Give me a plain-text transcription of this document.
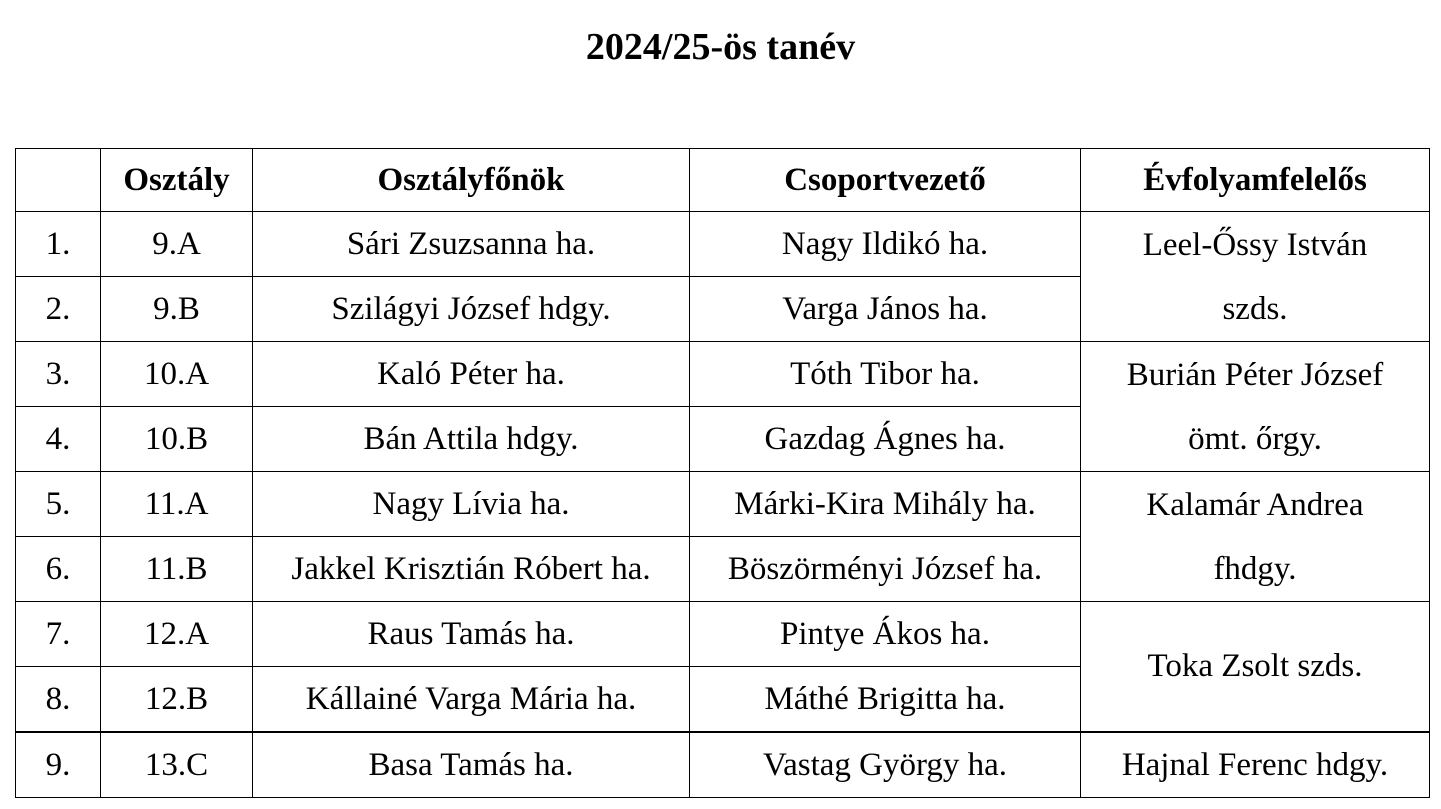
2024/25-ös tanév
	Osztály	Osztályfőnök	Csoportvezető	Évfolyamfelelős
1.	9.A	Sári Zsuzsanna ha.	Nagy Ildikó ha.	Leel-Őssy István
szds.

2.	9.B	Szilágyi József hdgy.	Varga János ha.	
3.	10.A	Kaló Péter ha.	Tóth Tibor ha.	Burián Péter József
ömt. őrgy.

4.	10.B	Bán Attila hdgy.	Gazdag Ágnes ha.	
5.	11.A	Nagy Lívia ha.	Márki-Kira Mihály ha.	Kalamár Andrea
fhdgy.

6.	11.B	Jakkel Krisztián Róbert ha.	Böszörményi József ha.	
7.	12.A	Raus Tamás ha.	Pintye Ákos ha.	Toka Zsolt szds.

8.	12.B	Kállainé Varga Mária ha.	Máthé Brigitta ha.	
9.	13.C	Basa Tamás ha.	Vastag György ha.	Hajnal Ferenc hdgy.
